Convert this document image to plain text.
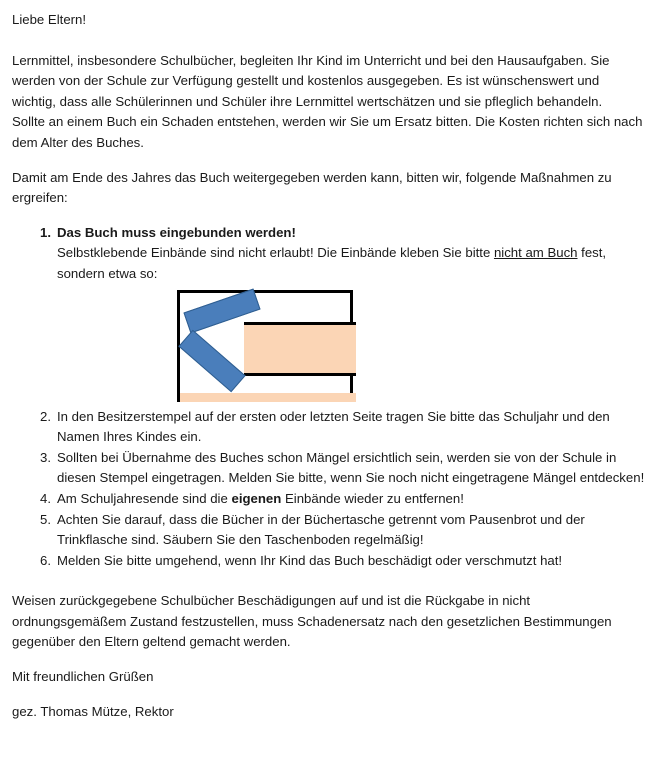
Liebe Eltern!

Lernmittel, insbesondere Schulbücher, begleiten Ihr Kind im Unterricht und bei den Hausaufgaben. Sie werden von der Schule zur Verfügung gestellt und kostenlos ausgegeben. Es ist wünschenswert und wichtig, dass alle Schülerinnen und Schüler ihre Lernmittel wertschätzen und sie pfleglich behandeln.

Sollte an einem Buch ein Schaden entstehen, werden wir Sie um Ersatz bitten. Die Kosten richten sich nach dem Alter des Buches.

Damit am Ende des Jahres das Buch weitergegeben werden kann, bitten wir, folgende Maßnahmen zu ergreifen:

1. Das Buch muss eingebunden werden!
Selbstklebende Einbände sind nicht erlaubt! Die Einbände kleben Sie bitte nicht am Buch fest, sondern etwa so:
2. In den Besitzerstempel auf der ersten oder letzten Seite tragen Sie bitte das Schuljahr und den Namen Ihres Kindes ein.
3. Sollten bei Übernahme des Buches schon Mängel ersichtlich sein, werden sie von der Schule in diesen Stempel eingetragen. Melden Sie bitte, wenn Sie noch nicht eingetragene Mängel entdecken!
4. Am Schuljahresende sind die eigenen Einbände wieder zu entfernen!
5. Achten Sie darauf, dass die Bücher in der Büchertasche getrennt vom Pausenbrot und der Trinkflasche sind. Säubern Sie den Taschenboden regelmäßig!
6. Melden Sie bitte umgehend, wenn Ihr Kind das Buch beschädigt oder verschmutzt hat!

Weisen zurückgegebene Schulbücher Beschädigungen auf und ist die Rückgabe in nicht ordnungsgemäßem Zustand festzustellen, muss Schadenersatz nach den gesetzlichen Bestimmungen gegenüber den Eltern geltend gemacht werden.

Mit freundlichen Grüßen

gez. Thomas Mütze, Rektor
